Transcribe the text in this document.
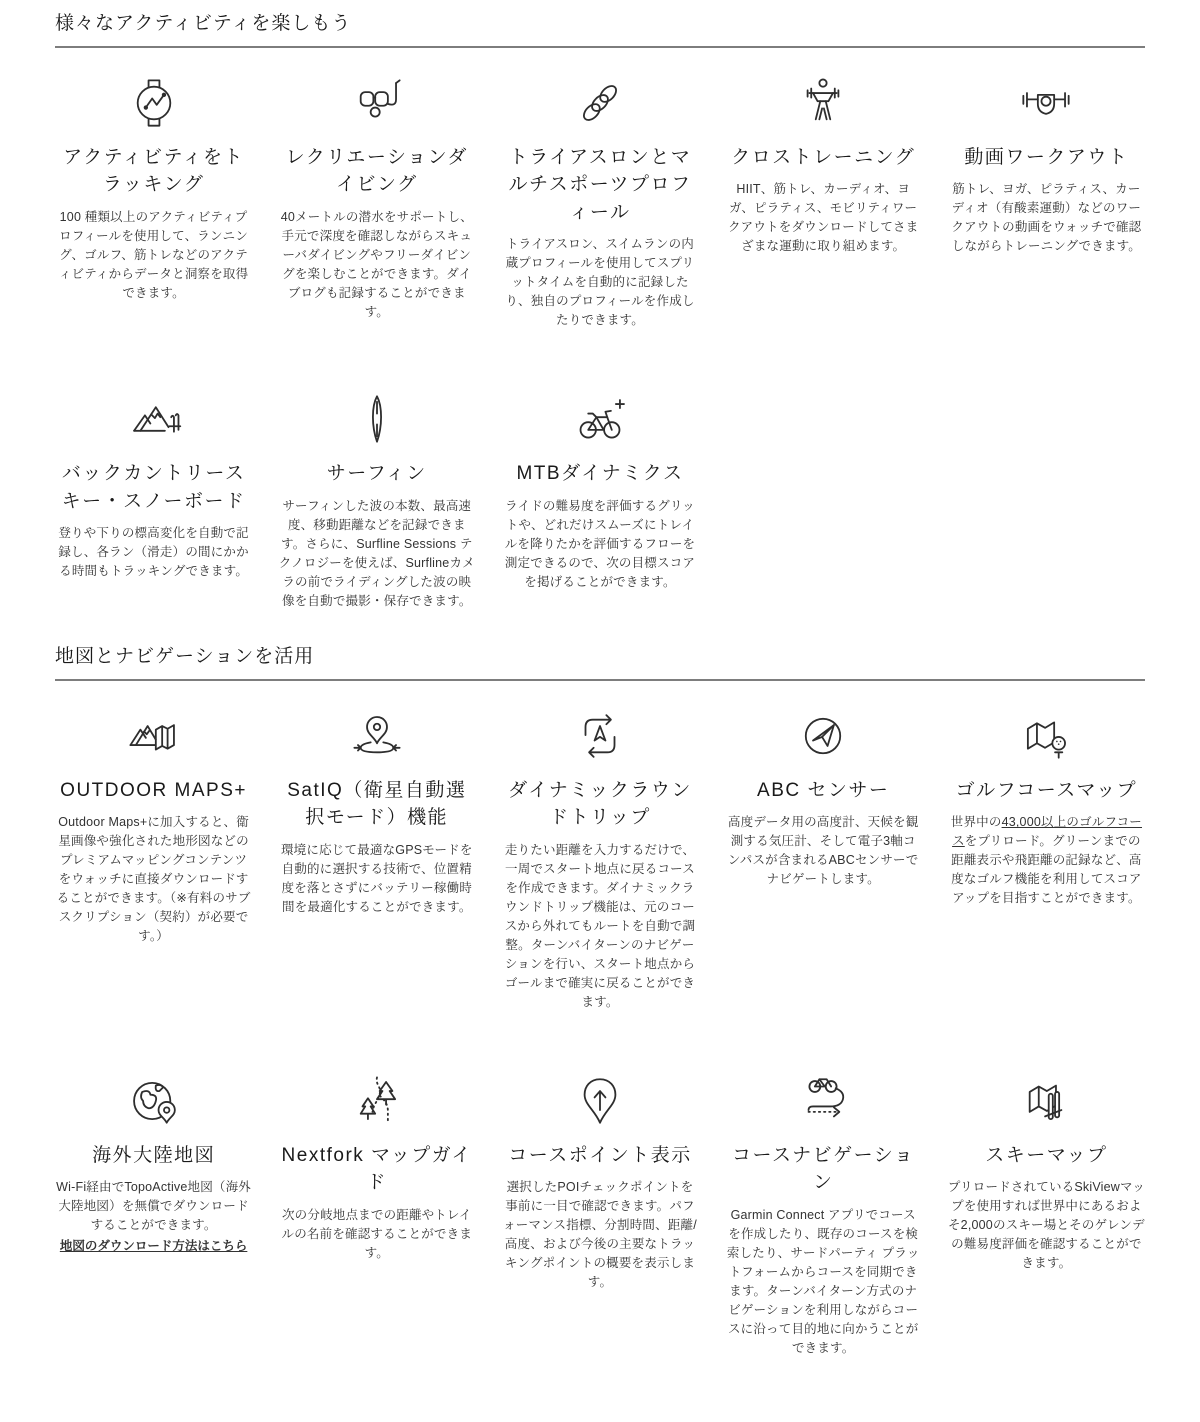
様々なアクティビティを楽しもう
アクティビティをトラッキング

100 種類以上のアクティビティプロフィールを使用して、ランニング、ゴルフ、筋トレなどのアクティビティからデータと洞察を取得できます。

レクリエーションダイビング

40メートルの潜水をサポートし、手元で深度を確認しながらスキューバダイビングやフリーダイビングを楽しむことができます。ダイブログも記録することができます。

トライアスロンとマルチスポーツプロフィール

トライアスロン、スイムランの内蔵プロフィールを使用してスプリットタイムを自動的に記録したり、独自のプロフィールを作成したりできます。

クロストレーニング

HIIT、筋トレ、カーディオ、ヨガ、ピラティス、モビリティワークアウトをダウンロードしてさまざまな運動に取り組めます。

動画ワークアウト

筋トレ、ヨガ、ピラティス、カーディオ（有酸素運動）などのワークアウトの動画をウォッチで確認しながらトレーニングできます。

バックカントリースキー・スノーボード

登りや下りの標高変化を自動で記録し、各ラン（滑走）の間にかかる時間もトラッキングできます。

サーフィン

サーフィンした波の本数、最高速度、移動距離などを記録できます。さらに、Surfline Sessions テクノロジーを使えば、Surflineカメラの前でライディングした波の映像を自動で撮影・保存できます。

MTBダイナミクス

ライドの難易度を評価するグリットや、どれだけスムーズにトレイルを降りたかを評価するフローを測定できるので、次の目標スコアを掲げることができます。

地図とナビゲーションを活用
OUTDOOR MAPS+

Outdoor Maps+に加入すると、衛星画像や強化された地形図などのプレミアムマッピングコンテンツをウォッチに直接ダウンロードすることができます。（※有料のサブスクリプション（契約）が必要です。）

SatIQ（衛星自動選択モード）機能

環境に応じて最適なGPSモードを自動的に選択する技術で、位置精度を落とさずにバッテリー稼働時間を最適化することができます。

ダイナミックラウンドトリップ

走りたい距離を入力するだけで、一周でスタート地点に戻るコースを作成できます。ダイナミックラウンドトリップ機能は、元のコースから外れてもルートを自動で調整。ターンバイターンのナビゲーションを行い、スタート地点からゴールまで確実に戻ることができます。

ABC センサー

高度データ用の高度計、天候を観測する気圧計、そして電子3軸コンパスが含まれるABCセンサーでナビゲートします。

ゴルフコースマップ

世界中の43,000以上のゴルフコースをプリロード。グリーンまでの距離表示や飛距離の記録など、高度なゴルフ機能を利用してスコアアップを目指すことができます。

海外大陸地図

Wi-Fi経由でTopoActive地図（海外大陸地図）を無償でダウンロードすることができます。

地図のダウンロード方法はこちら
Nextfork マップガイド

次の分岐地点までの距離やトレイルの名前を確認することができます。

コースポイント表示

選択したPOIチェックポイントを事前に一目で確認できます。パフォーマンス指標、分割時間、距離/高度、および今後の主要なトラッキングポイントの概要を表示します。

コースナビゲーション

Garmin Connect アプリでコースを作成したり、既存のコースを検索したり、サードパーティ プラットフォームからコースを同期できます。ターンバイターン方式のナビゲーションを利用しながらコースに沿って目的地に向かうことができます。

スキーマップ

プリロードされているSkiViewマップを使用すれば世界中にあるおよそ2,000のスキー場とそのゲレンデの難易度評価を確認することができます。
